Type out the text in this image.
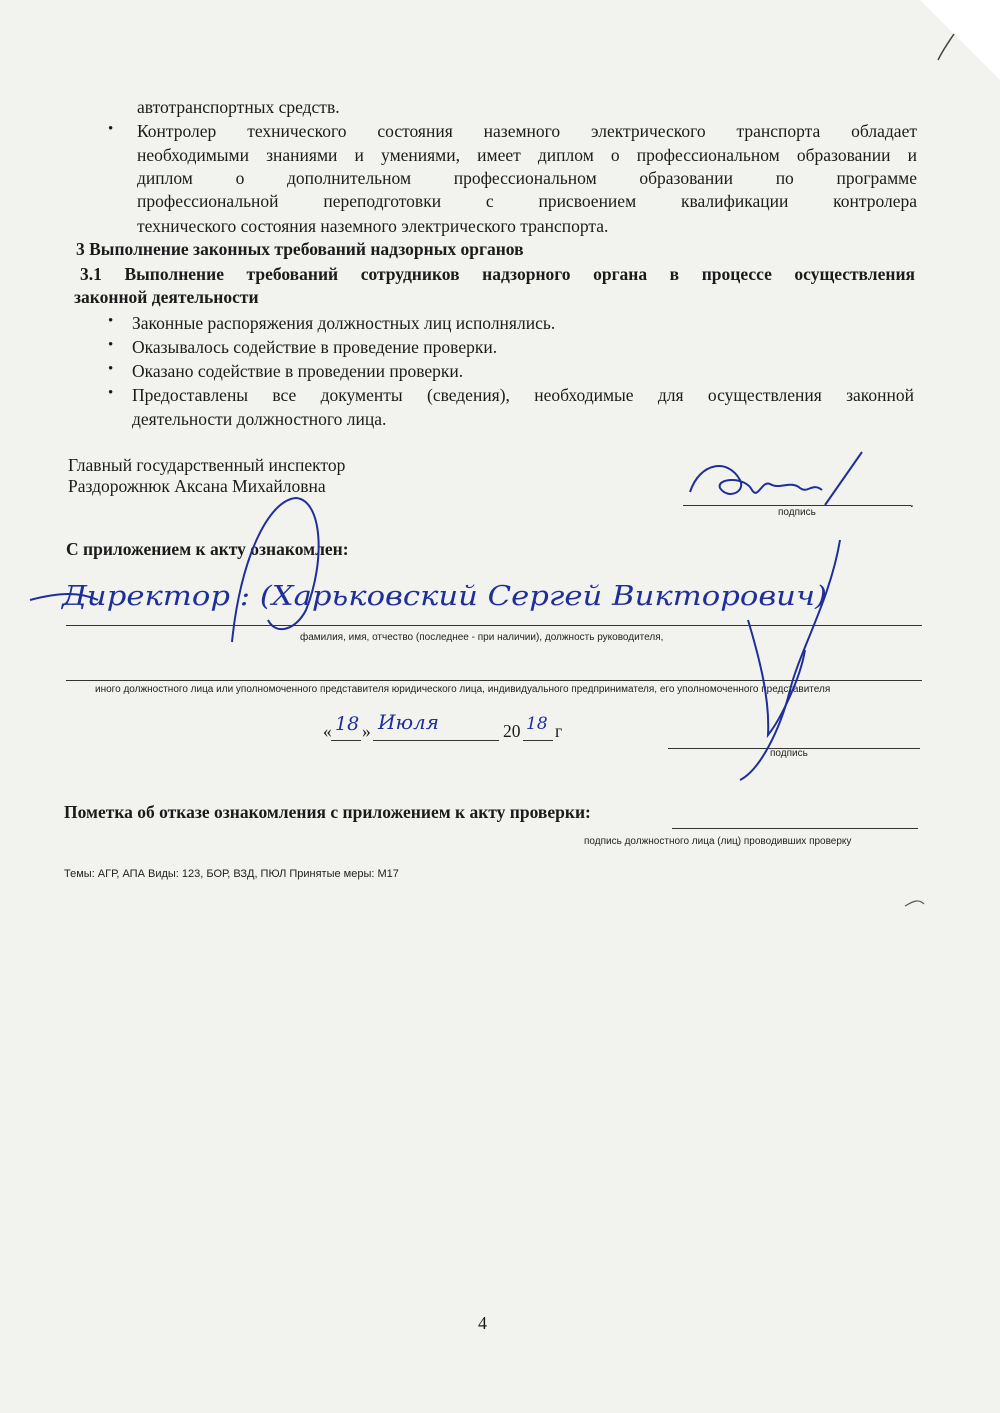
автотранспортных средств.
• Контролер технического состояния наземного электрического транспорта обладает
необходимыми знаниями и умениями, имеет диплом о профессиональном образовании и
диплом о дополнительном профессиональном образовании по программе
профессиональной переподготовки с присвоением квалификации контролера
технического состояния наземного электрического транспорта.
3 Выполнение законных требований надзорных органов
3.1 Выполнение требований сотрудников надзорного органа в процессе осуществления
законной деятельности
• Законные распоряжения должностных лиц исполнялись.
• Оказывалось содействие в проведение проверки.
• Оказано содействие в проведении проверки.
• Предоставлены все документы (сведения), необходимые для осуществления законной
деятельности должностного лица.
Главный государственный инспектор
Раздорожнюк Аксана Михайловна
.
подпись
С приложением к акту ознакомлен:
фамилия, имя, отчество (последнее - при наличии), должность руководителя,
иного должностного лица или уполномоченного представителя юридического лица, индивидуального предпринимателя, его уполномоченного представителя
«	»	20	г
подпись
Пометка об отказе ознакомления с приложением к акту проверки:
подпись должностного лица (лиц) проводивших проверку
Темы: АГР, АПА Виды: 123, БОР, ВЗД, ПЮЛ Принятые меры: М17
4
Директор : (Харьковский Сергей Викторович)
18 Июля	18
